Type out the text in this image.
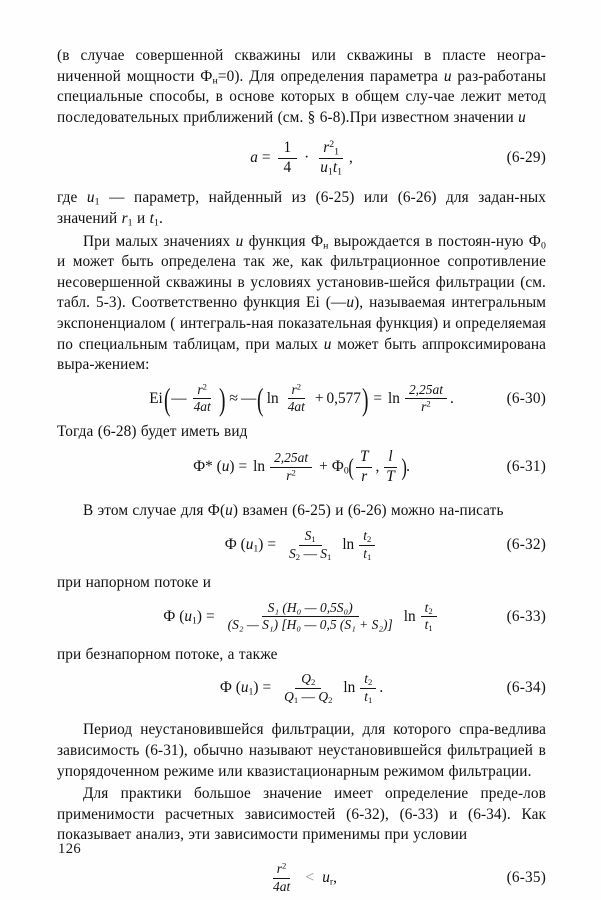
(в случае совершенной скважины или скважины в пласте неогра-ниченной мощности $Ф_н=0$). Для определения параметра и раз-работаны специальные способы, в основе которых в общем слу-чае лежит метод последовательных приближений (см. § 6-8).При известном значении и

$a = \frac{1}{4} \cdot \frac{r^2_1}{u_1t_1}$ ,	(6-29)

где $u_1$ — параметр, найденный из (6-25) или (6-26) для задан-ных значений $r_1$ и $t_1$.

При малых значениях и функция $Ф_н$ вырождается в постоян-ную $Ф_0$ и может быть определена так же, как фильтрационное сопротивление несовершенной скважины в условиях установив-шейся фильтрации (см. табл. 5-3). Соответственно функция Ei (—u), называемая интегральным экспоненциалом ( интеграль-ная показательная функция) и определяемая по специальным таблицам, при малых u может быть аппроксимирована выра-жением:

Ei ( — $\frac{r^2}{4at}$ ) ≈ — ( $\ln \frac{r^2}{4at} + 0,577$ ) = $\ln \frac{2,25at}{r^2}$ .	(6-30)

Тогда (6-28) будет иметь вид

Ф* $(u) = \ln \frac{2,25at}{r^2} + Ф_0$ ( $\frac{T}{r}$ , $\frac{l}{T}$ ) .	(6-31)

В этом случае для Ф(и) взамен (6-25) и (6-26) можно на-писать

Ф $(u_1) = \frac{S_1}{S_2 — S_1}$ $\ln \frac{t_2}{t_1}$	(6-32)

при напорном потоке и

Ф $(u_1) = \frac{\text{S₁ (H₀ — 0,5S₀)}}{\text{(S₂ — S₁) [H₀ — 0,5 (S₁ + S₂)]}}$ $\ln \frac{t_2}{t_1}$	(6-33)

при безнапорном потоке, а также

Ф $(u_1) = \frac{Q_2}{Q_1 — Q_2}$ $\ln \frac{t_2}{t_1}$ .	(6-34)

Период неустановившейся фильтрации, для которого спра-ведлива зависимость (6-31), обычно называют неустановившейся фильтрацией в упорядоченном режиме или квазистационарным режимом фильтрации.

Для практики большое значение имеет определение преде-лов применимости расчетных зависимостей (6-32), (6-33) и (6-34). Как показывает анализ, эти зависимости применимы при условии

$\frac{r^2}{4at} < u_r$ ,	(6-35)
126
